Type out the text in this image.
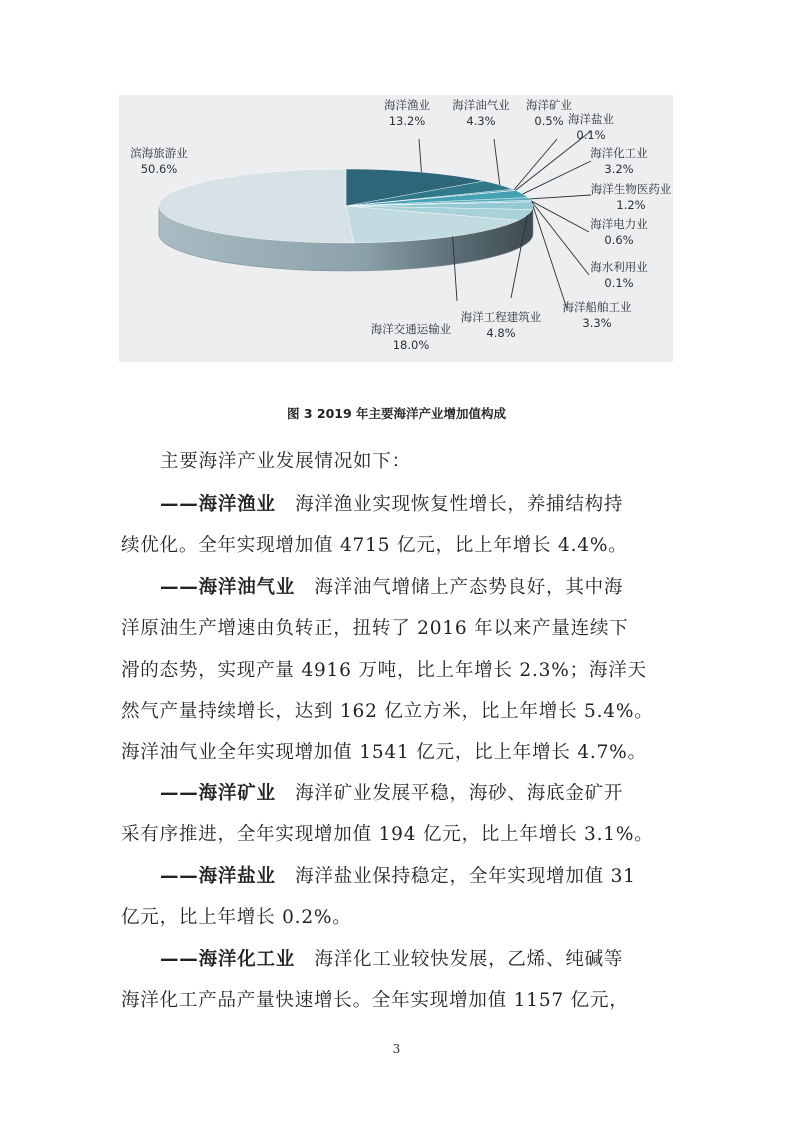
海洋渔业
13.2%
海洋油气业
4.3%
海洋矿业
0.5% 海洋盐业
0.1%
海洋化工业
3.2%
海洋生物医药业
1.2%
海洋电力业
0.6%
海水利用业
0.1%
海洋船舶工业
3.3%
海洋工程建筑业
4.8%
海洋交通运输业
18.0%
滨海旅游业
50.6%
图 3 2019 年主要海洋产业增加值构成
主要海洋产业发展情况如下：
——海洋渔业　 海洋渔业实现恢复性增长，养捕结构持
续优化。全年实现增加值 4715 亿元，比上年增长 4.4%。
——海洋油气业　 海洋油气增储上产态势良好，其中海
洋原油生产增速由负转正，扭转了 2016 年以来产量连续下
滑的态势，实现产量 4916 万吨，比上年增长 2.3%；海洋天
然气产量持续增长，达到 162 亿立方米，比上年增长 5.4%。
海洋油气业全年实现增加值 1541 亿元，比上年增长 4.7%。
——海洋矿业　 海洋矿业发展平稳，海砂、海底金矿开
采有序推进，全年实现增加值 194 亿元，比上年增长 3.1%。
——海洋盐业　 海洋盐业保持稳定，全年实现增加值 31
亿元，比上年增长 0.2%。
——海洋化工业　 海洋化工业较快发展，乙烯、纯碱等
海洋化工产品产量快速增长。全年实现增加值 1157 亿元，
3
